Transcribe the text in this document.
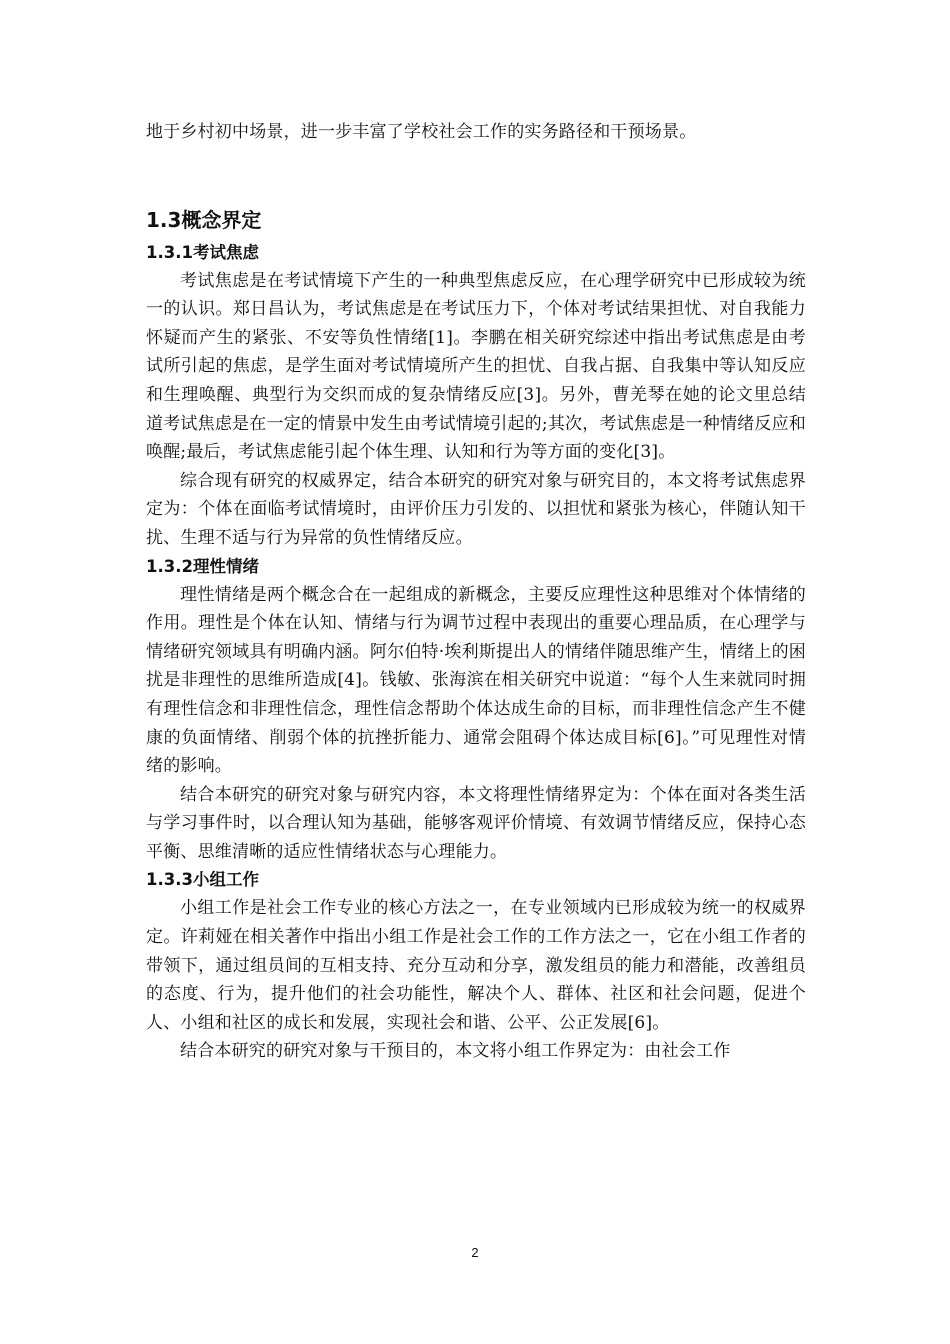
地于乡村初中场景，进一步丰富了学校社会工作的实务路径和干预场景。

1.3概念界定
1.3.1考试焦虑

考试焦虑是在考试情境下产生的一种典型焦虑反应，在心理学研究中已形成较为统一的认识。郑日昌认为，考试焦虑是在考试压力下，个体对考试结果担忧、对自我能力怀疑而产生的紧张、不安等负性情绪[1]。李鹏在相关研究综述中指出考试焦虑是由考试所引起的焦虑，是学生面对考试情境所产生的担忧、自我占据、自我集中等认知反应和生理唤醒、典型行为交织而成的复杂情绪反应[3]。另外，曹羌琴在她的论文里总结道考试焦虑是在一定的情景中发生由考试情境引起的;其次，考试焦虑是一种情绪反应和唤醒;最后，考试焦虑能引起个体生理、认知和行为等方面的变化[3]。

综合现有研究的权威界定，结合本研究的研究对象与研究目的，本文将考试焦虑界定为：个体在面临考试情境时，由评价压力引发的、以担忧和紧张为核心，伴随认知干扰、生理不适与行为异常的负性情绪反应。

1.3.2理性情绪

理性情绪是两个概念合在一起组成的新概念，主要反应理性这种思维对个体情绪的作用。理性是个体在认知、情绪与行为调节过程中表现出的重要心理品质，在心理学与情绪研究领域具有明确内涵。阿尔伯特·埃利斯提出人的情绪伴随思维产生，情绪上的困扰是非理性的思维所造成[4]。钱敏、张海滨在相关研究中说道：“每个人生来就同时拥有理性信念和非理性信念，理性信念帮助个体达成生命的目标，而非理性信念产生不健康的负面情绪、削弱个体的抗挫折能力、通常会阻碍个体达成目标[6]。”可见理性对情绪的影响。

结合本研究的研究对象与研究内容，本文将理性情绪界定为：个体在面对各类生活与学习事件时，以合理认知为基础，能够客观评价情境、有效调节情绪反应，保持心态平衡、思维清晰的适应性情绪状态与心理能力。

1.3.3小组工作

小组工作是社会工作专业的核心方法之一，在专业领域内已形成较为统一的权威界定。许莉娅在相关著作中指出小组工作是社会工作的工作方法之一，它在小组工作者的带领下，通过组员间的互相支持、充分互动和分享，激发组员的能力和潜能，改善组员的态度、行为，提升他们的社会功能性，解决个人、群体、社区和社会问题，促进个人、小组和社区的成长和发展，实现社会和谐、公平、公正发展[6]。

结合本研究的研究对象与干预目的，本文将小组工作界定为：由社会工作

2
